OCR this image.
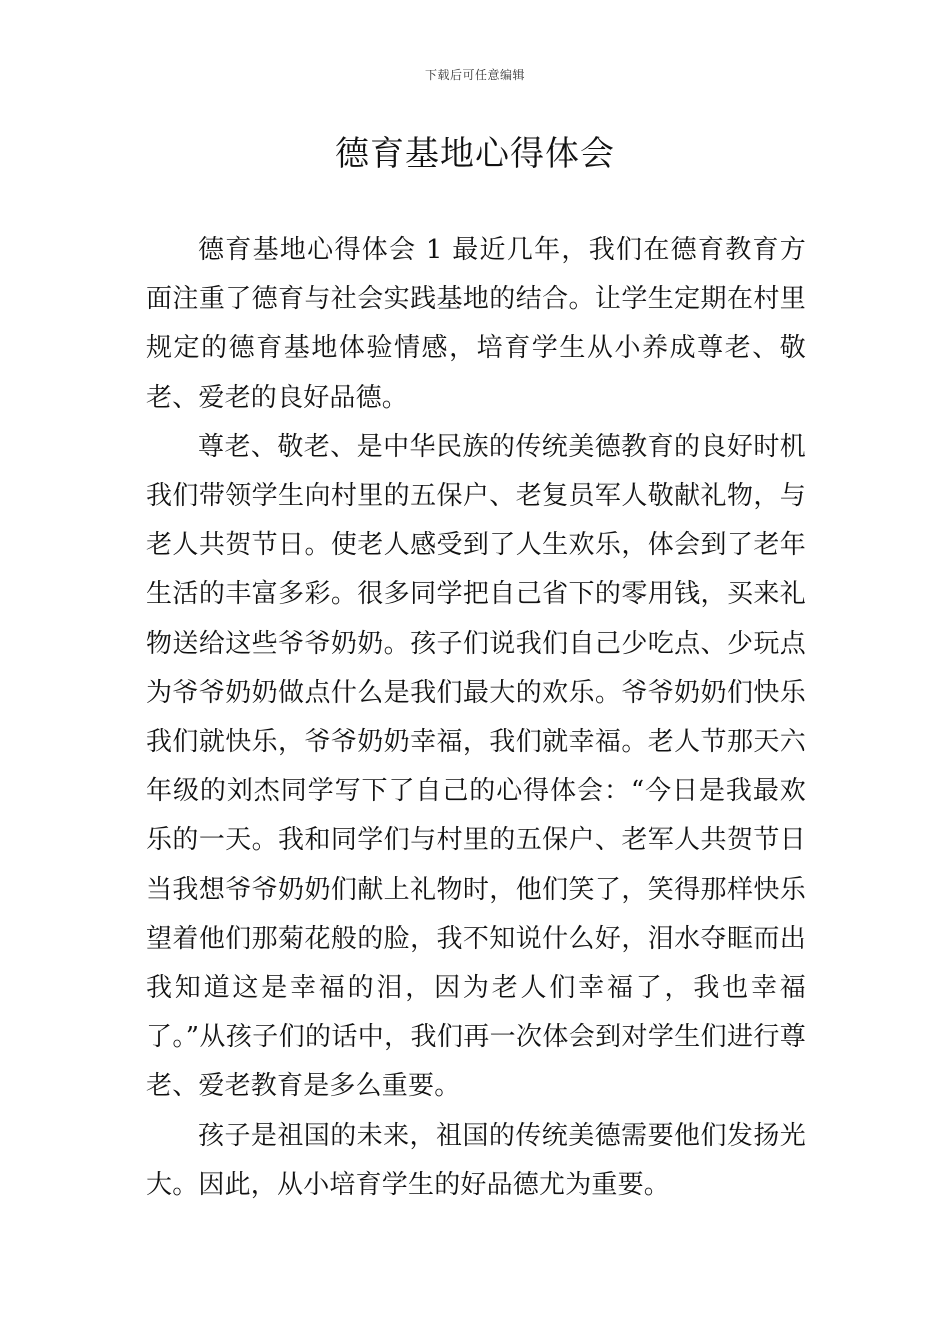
下载后可任意编辑
德育基地心得体会

德育基地心得体会 1 最近几年，我们在德育教育方面注重了德育与社会实践基地的结合。让学生定期在村里规定的德育基地体验情感，培育学生从小养成尊老、敬老、爱老的良好品德。

尊老、敬老、是中华民族的传统美德教育的良好时机我们带领学生向村里的五保户、老复员军人敬献礼物，与老人共贺节日。使老人感受到了人生欢乐，体会到了老年生活的丰富多彩。很多同学把自己省下的零用钱，买来礼物送给这些爷爷奶奶。孩子们说我们自己少吃点、少玩点为爷爷奶奶做点什么是我们最大的欢乐。爷爷奶奶们快乐我们就快乐，爷爷奶奶幸福，我们就幸福。老人节那天六年级的刘杰同学写下了自己的心得体会：“今日是我最欢乐的一天。我和同学们与村里的五保户、老军人共贺节日当我想爷爷奶奶们献上礼物时，他们笑了，笑得那样快乐望着他们那菊花般的脸，我不知说什么好，泪水夺眶而出我知道这是幸福的泪，因为老人们幸福了，我也幸福了。”从孩子们的话中，我们再一次体会到对学生们进行尊老、爱老教育是多么重要。

孩子是祖国的未来，祖国的传统美德需要他们发扬光大。因此，从小培育学生的好品德尤为重要。
